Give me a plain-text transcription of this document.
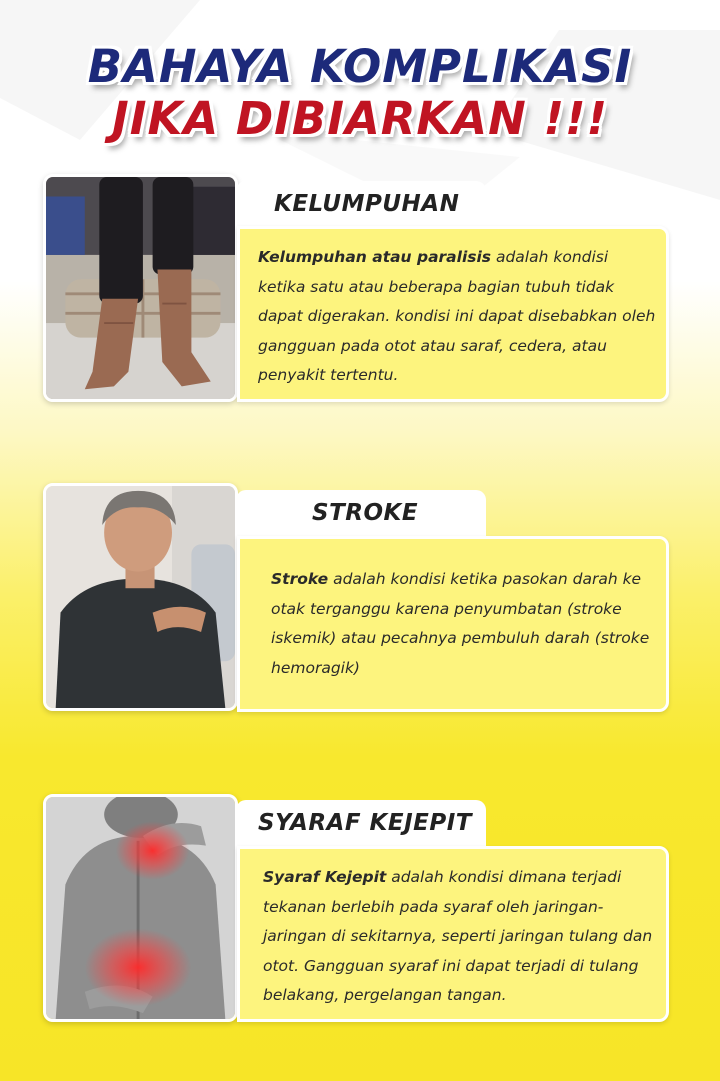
BAHAYA KOMPLIKASI
JIKA DIBIARKAN !!!
KELUMPUHAN

Kelumpuhan atau paralisis adalah kondisi ketika satu atau beberapa bagian tubuh tidak dapat digerakan. kondisi ini dapat disebabkan oleh gangguan pada otot atau saraf, cedera, atau penyakit tertentu.

STROKE

Stroke adalah kondisi ketika pasokan darah ke otak terganggu karena penyumbatan (stroke iskemik) atau pecahnya pembuluh darah (stroke hemoragik)

SYARAF KEJEPIT

Syaraf Kejepit adalah kondisi dimana terjadi tekanan berlebih pada syaraf oleh jaringan-jaringan di sekitarnya, seperti jaringan tulang dan otot. Gangguan syaraf ini dapat terjadi di tulang belakang, pergelangan tangan.
